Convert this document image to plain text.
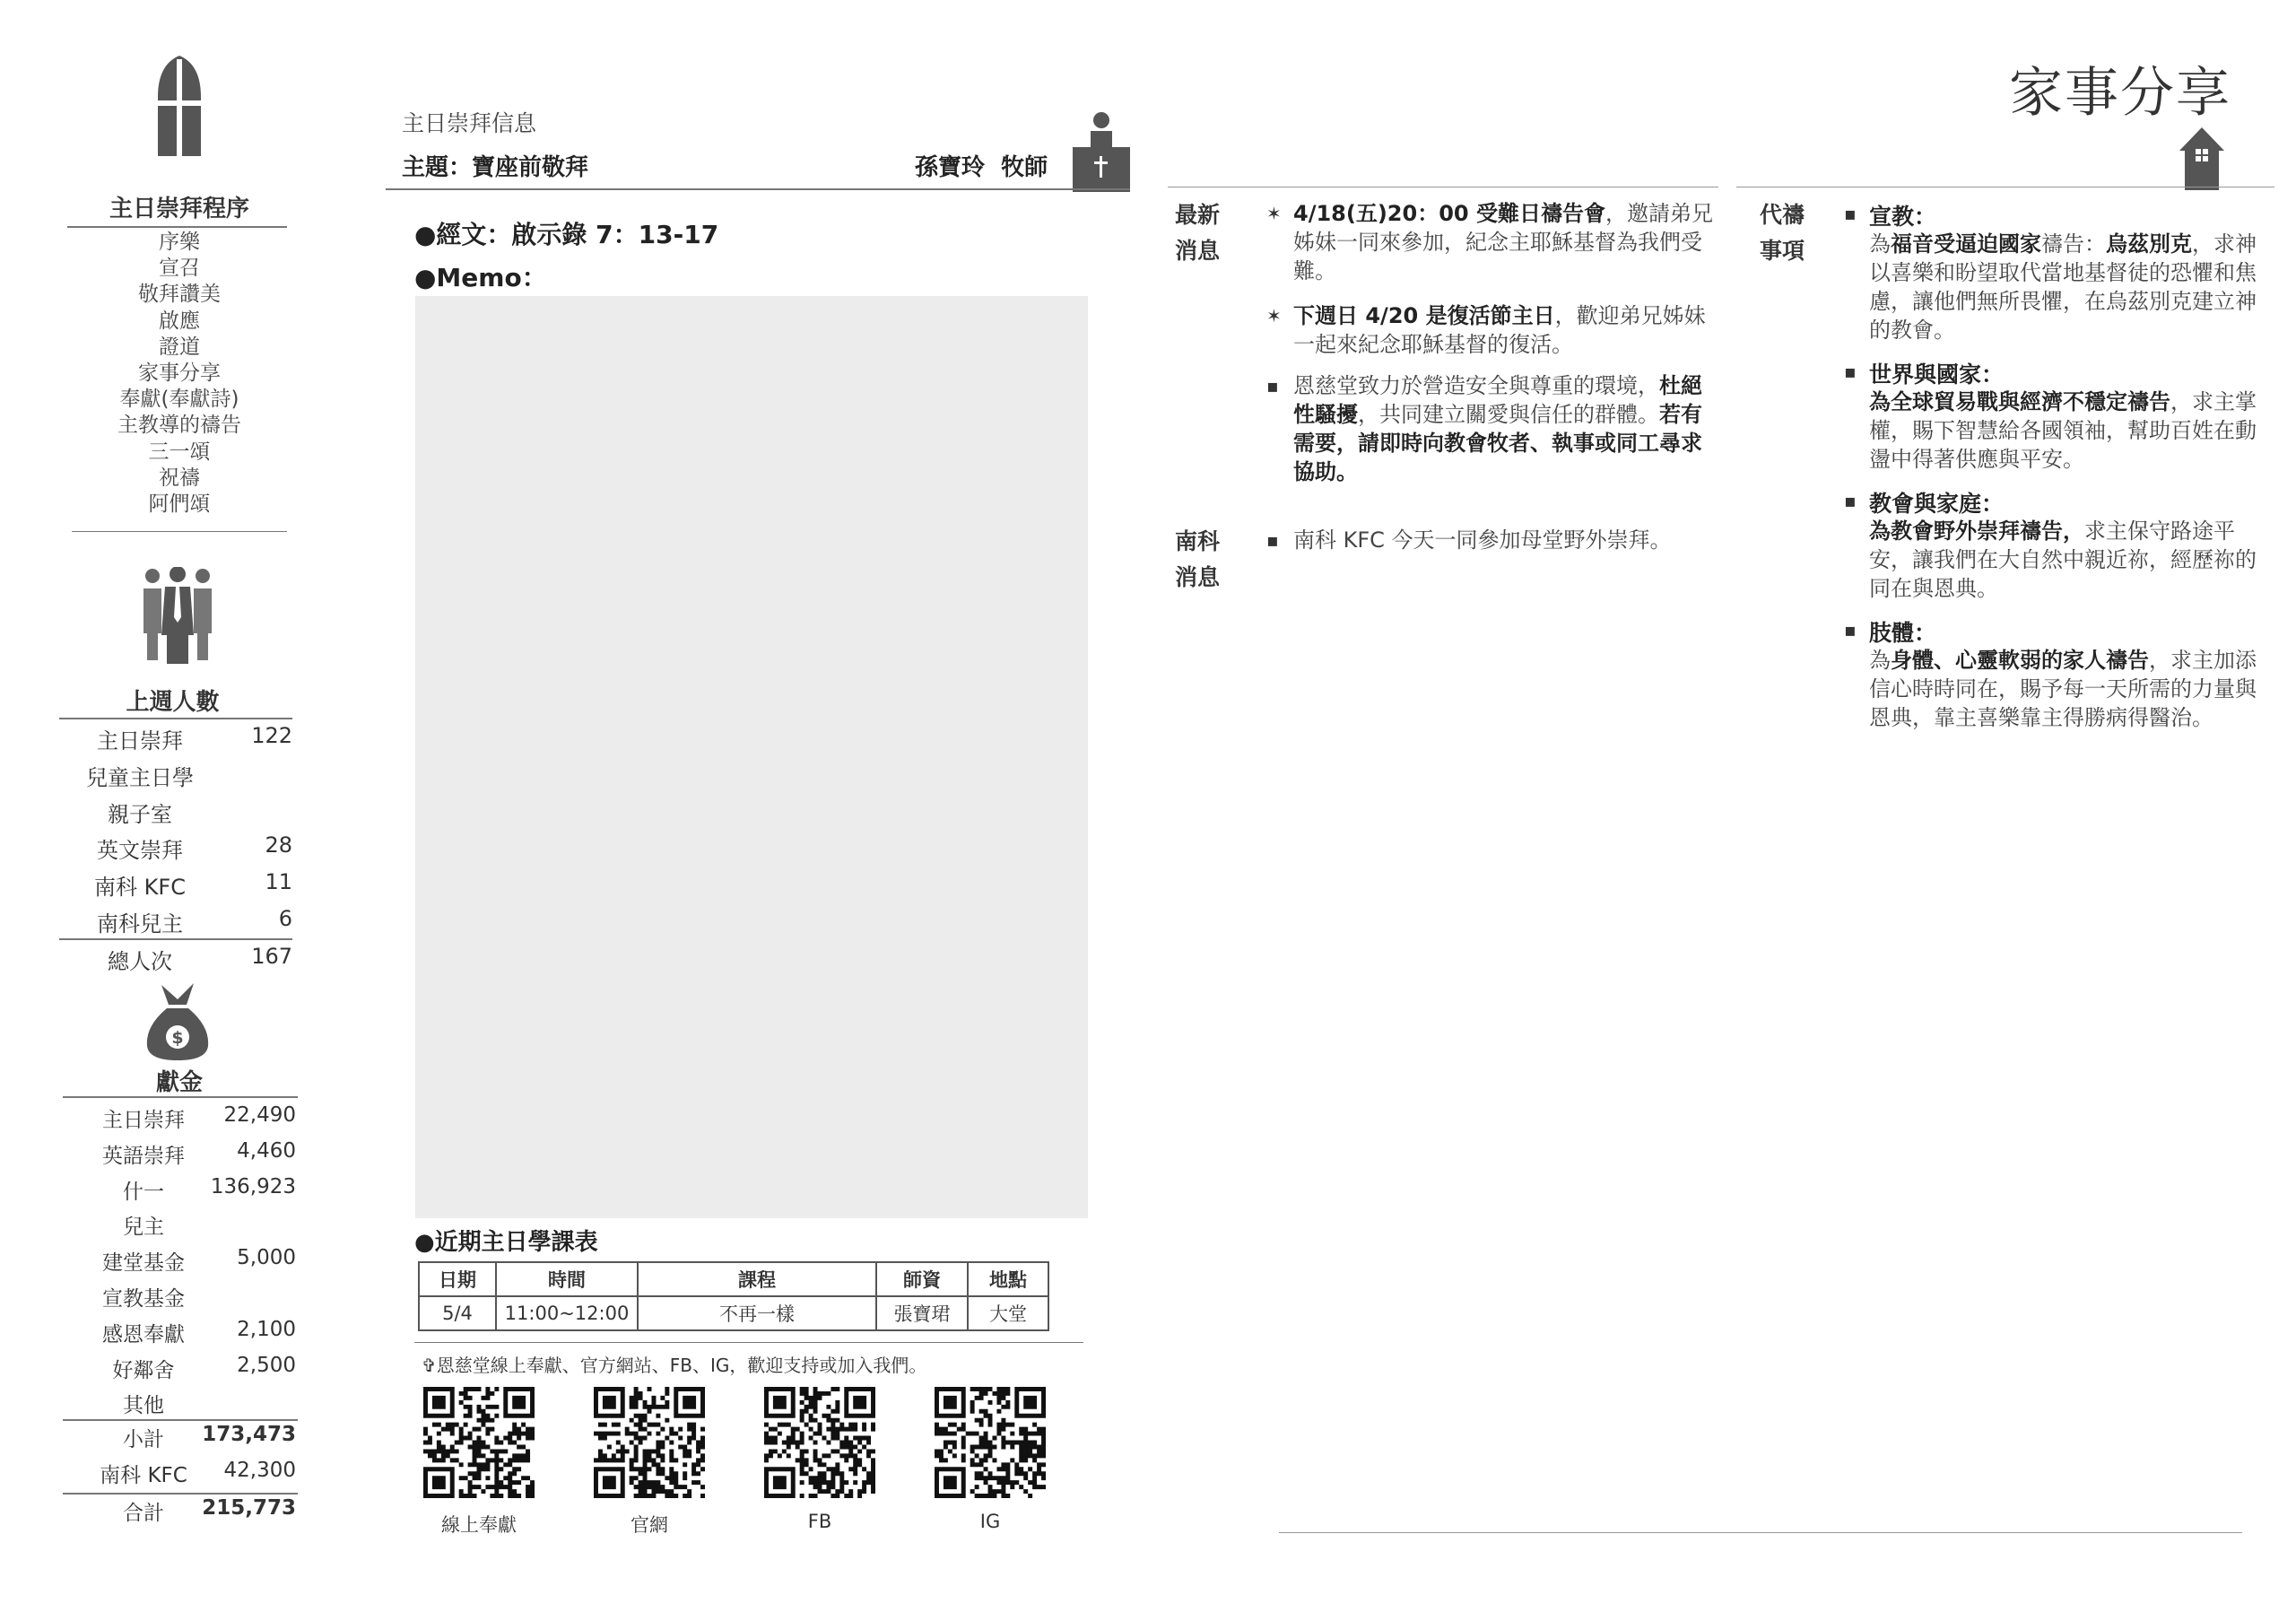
主日崇拜程序
序樂
宣召
敬拜讚美
啟應
證道
家事分享
奉獻(奉獻詩)
主教導的禱告
三一頌
祝禱
阿們頌
上週人數
主日崇拜	122
兒童主日學
親子室
英文崇拜	28
南科 KFC	11
南科兒主	6
總人次	167
$
獻金
主日崇拜	22,490
英語崇拜	4,460
什一	136,923
兒主
建堂基金	5,000
宣教基金
感恩奉獻	2,100
好鄰舍	2,500
其他
小計	173,473
南科 KFC	42,300
合計	215,773
主日崇拜信息
主題：寶座前敬拜	孫寶玲  牧師
●經文：啟示錄 7：13-17
●Memo：
●近期主日學課表
日期	時間	課程	師資	地點
5/4	11:00~12:00	不再一樣	張寶珺	大堂
✞恩慈堂線上奉獻、官方網站、FB、IG，歡迎支持或加入我們。
線上奉獻	官網	FB	IG
最新消息
✶ 4/18(五)20：00 受難日禱告會，邀請弟兄姊妹一同來參加，紀念主耶穌基督為我們受難。
✶ 下週日 4/20 是復活節主日，歡迎弟兄姊妹一起來紀念耶穌基督的復活。
▪ 恩慈堂致力於營造安全與尊重的環境，杜絕性騷擾，共同建立關愛與信任的群體。若有需要，請即時向教會牧者、執事或同工尋求協助。
南科消息
▪ 南科 KFC 今天一同參加母堂野外崇拜。
家事分享
代禱事項
▪ 宣教：
為福音受逼迫國家禱告：烏茲別克，求神以喜樂和盼望取代當地基督徒的恐懼和焦慮，讓他們無所畏懼，在烏茲別克建立神的教會。
▪ 世界與國家：
為全球貿易戰與經濟不穩定禱告，求主掌權，賜下智慧給各國領袖，幫助百姓在動盪中得著供應與平安。
▪ 教會與家庭：
為教會野外崇拜禱告，求主保守路途平安，讓我們在大自然中親近祢，經歷祢的同在與恩典。
▪ 肢體：
為身體、心靈軟弱的家人禱告，求主加添信心時時同在，賜予每一天所需的力量與恩典，靠主喜樂靠主得勝病得醫治。
